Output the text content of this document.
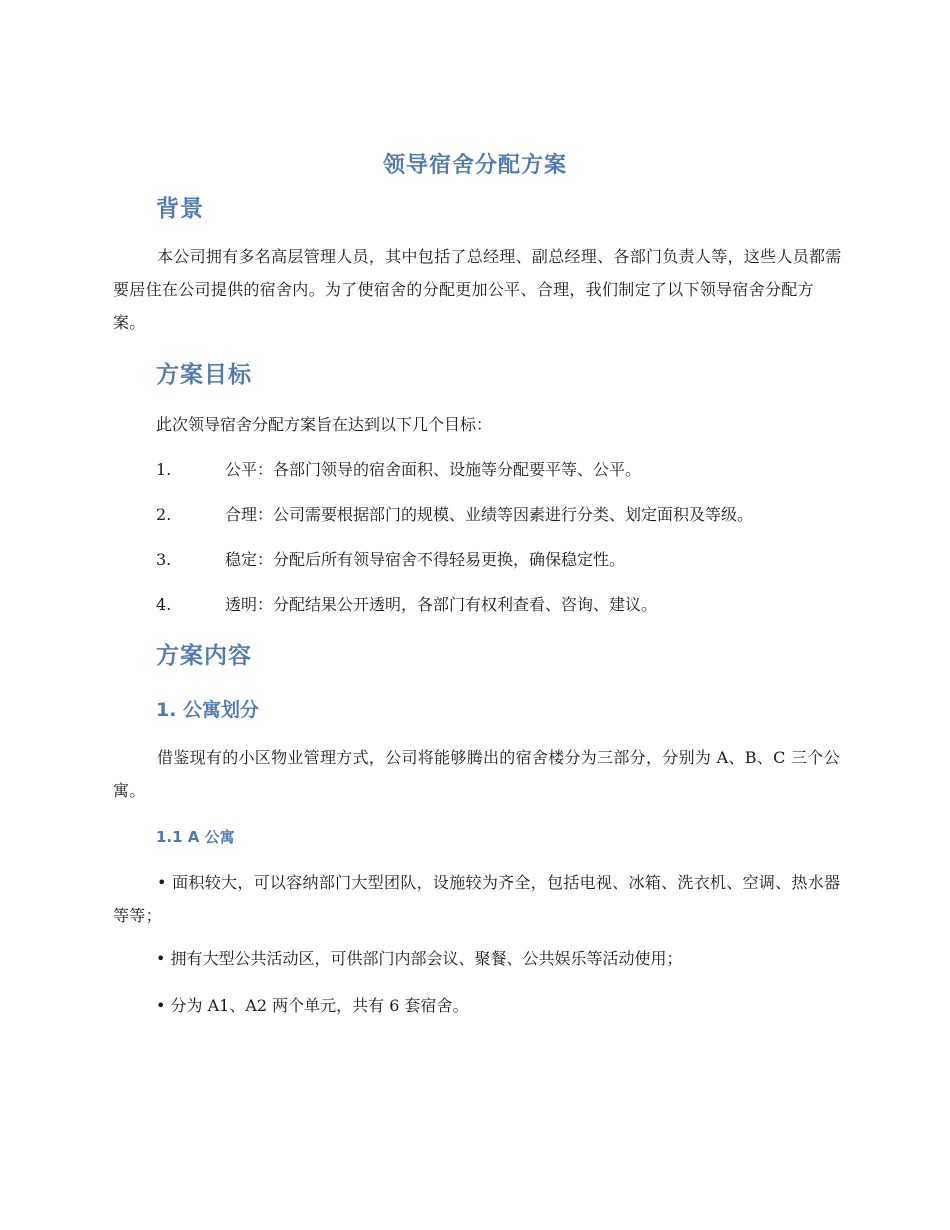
领导宿舍分配方案
背景

本公司拥有多名高层管理人员，其中包括了总经理、副总经理、各部门负责人等，这些人员都需要居住在公司提供的宿舍内。为了使宿舍的分配更加公平、合理，我们制定了以下领导宿舍分配方案。

方案目标

此次领导宿舍分配方案旨在达到以下几个目标：

1.	公平：各部门领导的宿舍面积、设施等分配要平等、公平。
2.	合理：公司需要根据部门的规模、业绩等因素进行分类、划定面积及等级。
3.	稳定：分配后所有领导宿舍不得轻易更换，确保稳定性。
4.	透明：分配结果公开透明，各部门有权利查看、咨询、建议。
方案内容
1. 公寓划分

借鉴现有的小区物业管理方式，公司将能够腾出的宿舍楼分为三部分，分别为 A、B、C 三个公寓。

1.1 A 公寓

• 面积较大，可以容纳部门大型团队，设施较为齐全，包括电视、冰箱、洗衣机、空调、热水器等等；

• 拥有大型公共活动区，可供部门内部会议、聚餐、公共娱乐等活动使用；

• 分为 A1、A2 两个单元，共有 6 套宿舍。
